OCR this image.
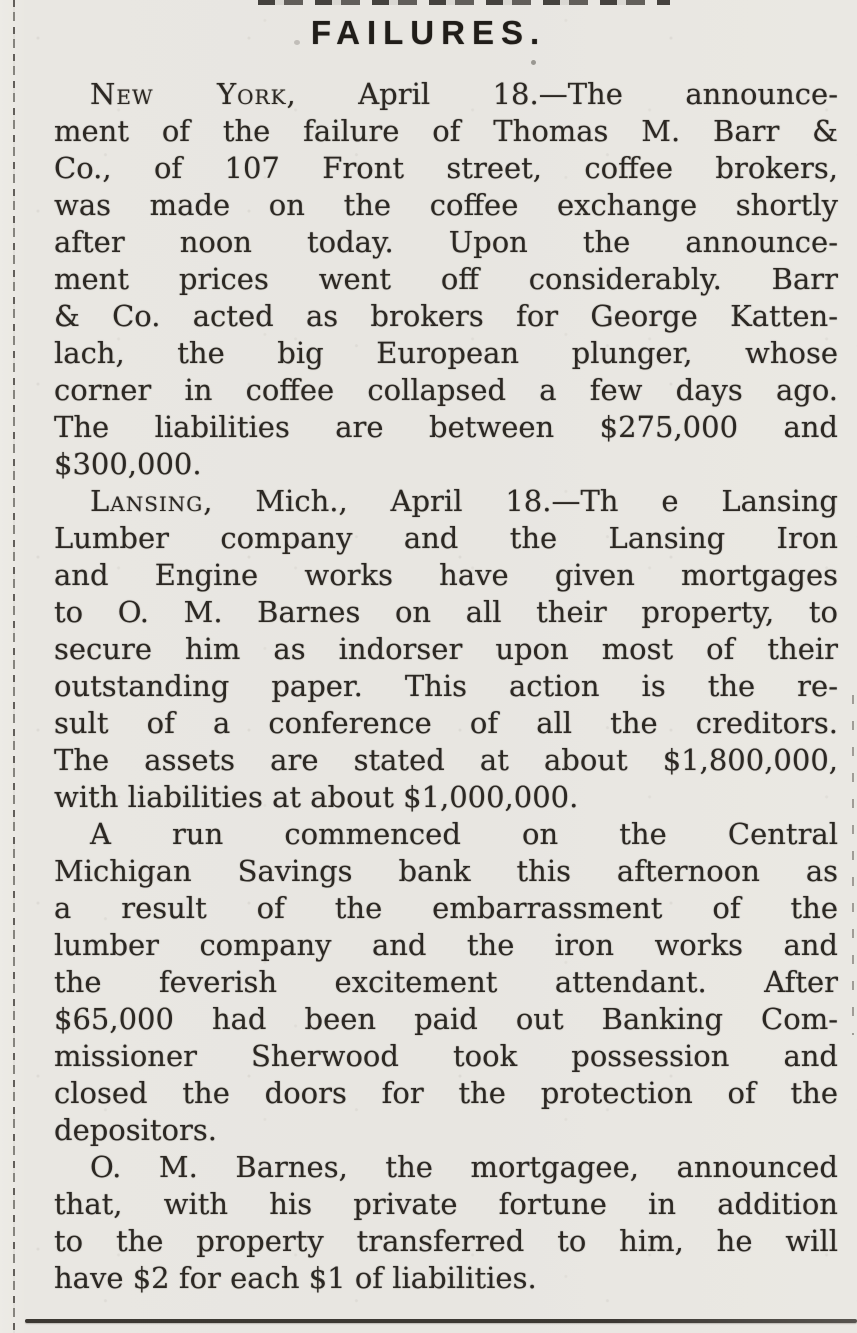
FAILURES.
New York, April 18.—The announce-
ment of the failure of Thomas M. Barr &
Co., of 107 Front street, coffee brokers,
was made on the coffee exchange shortly
after noon today. Upon the announce-
ment prices went off considerably. Barr
& Co. acted as brokers for George Katten-
lach, the big European plunger, whose
corner in coffee collapsed a few days ago.
The liabilities are between $275,000 and
$300,000.
Lansing, Mich., April 18.—Th e Lansing
Lumber company and the Lansing Iron
and Engine works have given mortgages
to O. M. Barnes on all their property, to
secure him as indorser upon most of their
outstanding paper. This action is the re-
sult of a conference of all the creditors.
The assets are stated at about $1,800,000,
with liabilities at about $1,000,000.
A run commenced on the Central
Michigan Savings bank this afternoon as
a result of the embarrassment of the
lumber company and the iron works and
the feverish excitement attendant. After
$65,000 had been paid out Banking Com-
missioner Sherwood took possession and
closed the doors for the protection of the
depositors.
O. M. Barnes, the mortgagee, announced
that, with his private fortune in addition
to the property transferred to him, he will
have $2 for each $1 of liabilities.
